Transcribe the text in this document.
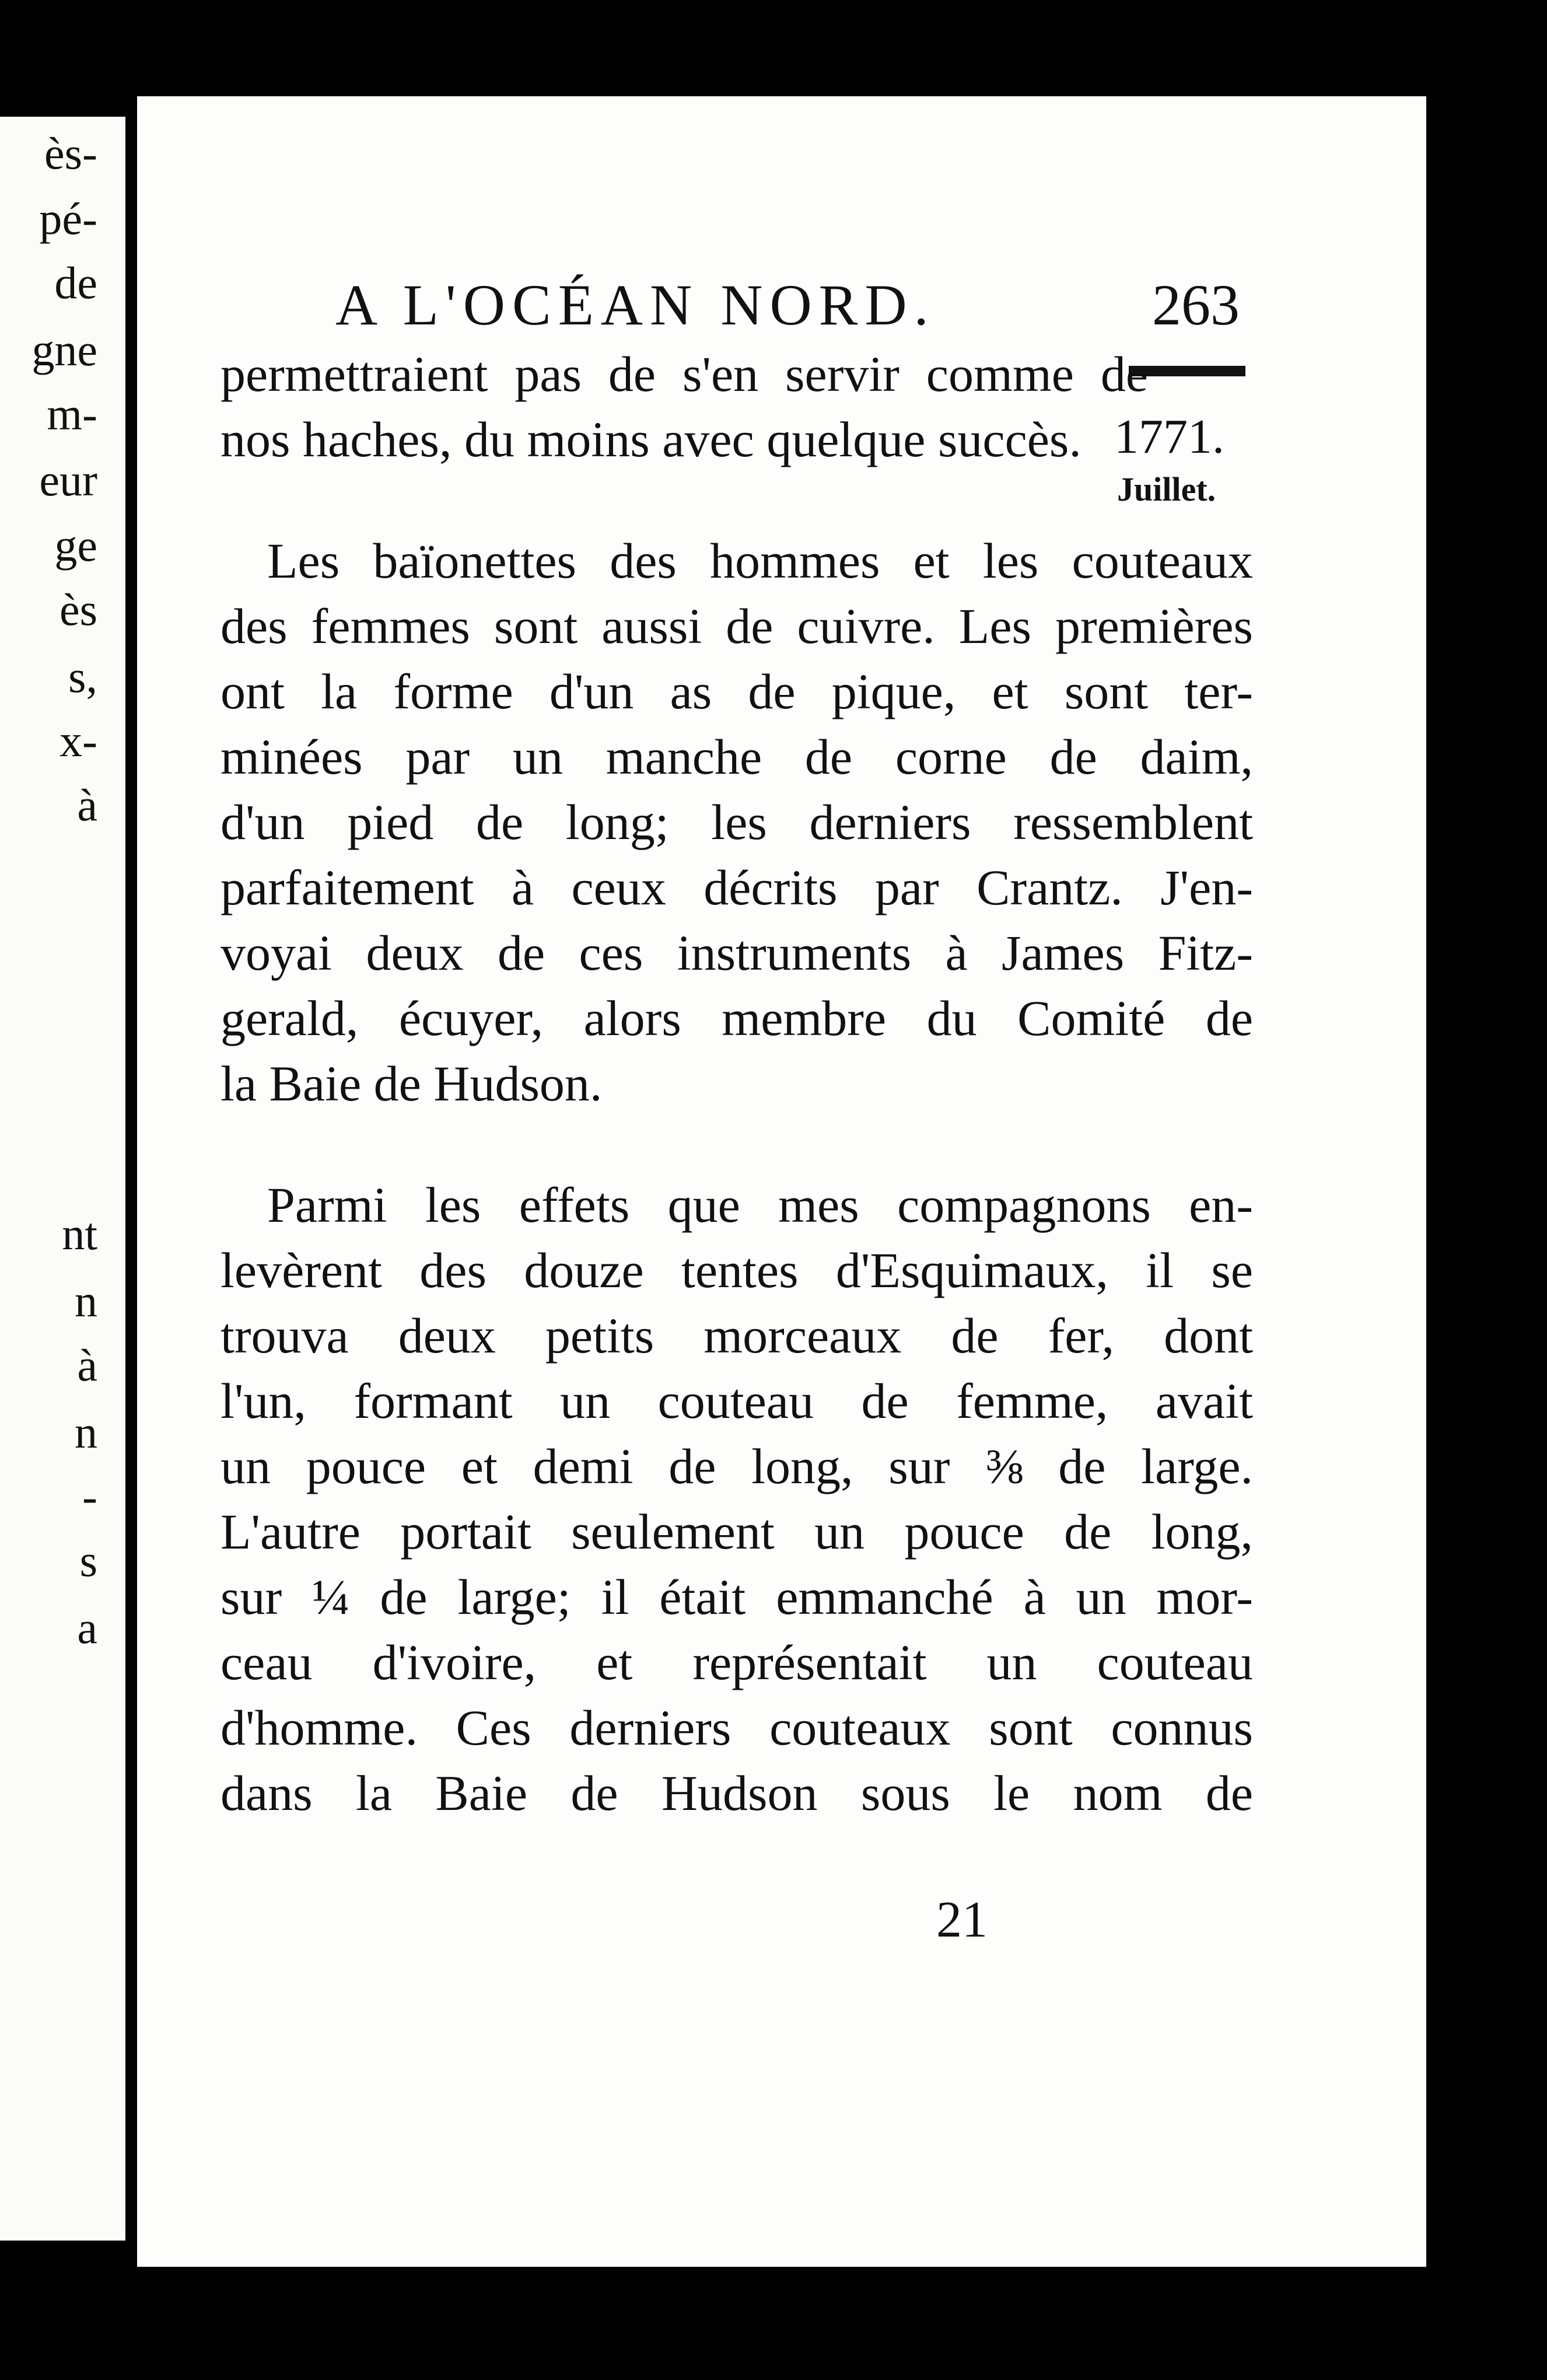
ès-
pé-
de
gne
m-
eur
ge
ès
s,
x-
à
nt
n
à
n
-
s
a
A L'OCÉAN NORD.	263
1771.
Juillet.
permettraient pas de s'en servir comme de
nos haches, du moins avec quelque succès.
Les baïonettes des hommes et les couteaux
des femmes sont aussi de cuivre. Les premières
ont la forme d'un as de pique, et sont ter-
minées par un manche de corne de daim,
d'un pied de long; les derniers ressemblent
parfaitement à ceux décrits par Crantz. J'en-
voyai deux de ces instruments à James Fitz-
gerald, écuyer, alors membre du Comité de
la Baie de Hudson.
Parmi les effets que mes compagnons en-
levèrent des douze tentes d'Esquimaux, il se
trouva deux petits morceaux de fer, dont
l'un, formant un couteau de femme, avait
un pouce et demi de long, sur ⅜ de large.
L'autre portait seulement un pouce de long,
sur ¼ de large; il était emmanché à un mor-
ceau d'ivoire, et représentait un couteau
d'homme. Ces derniers couteaux sont connus
dans la Baie de Hudson sous le nom de
21
